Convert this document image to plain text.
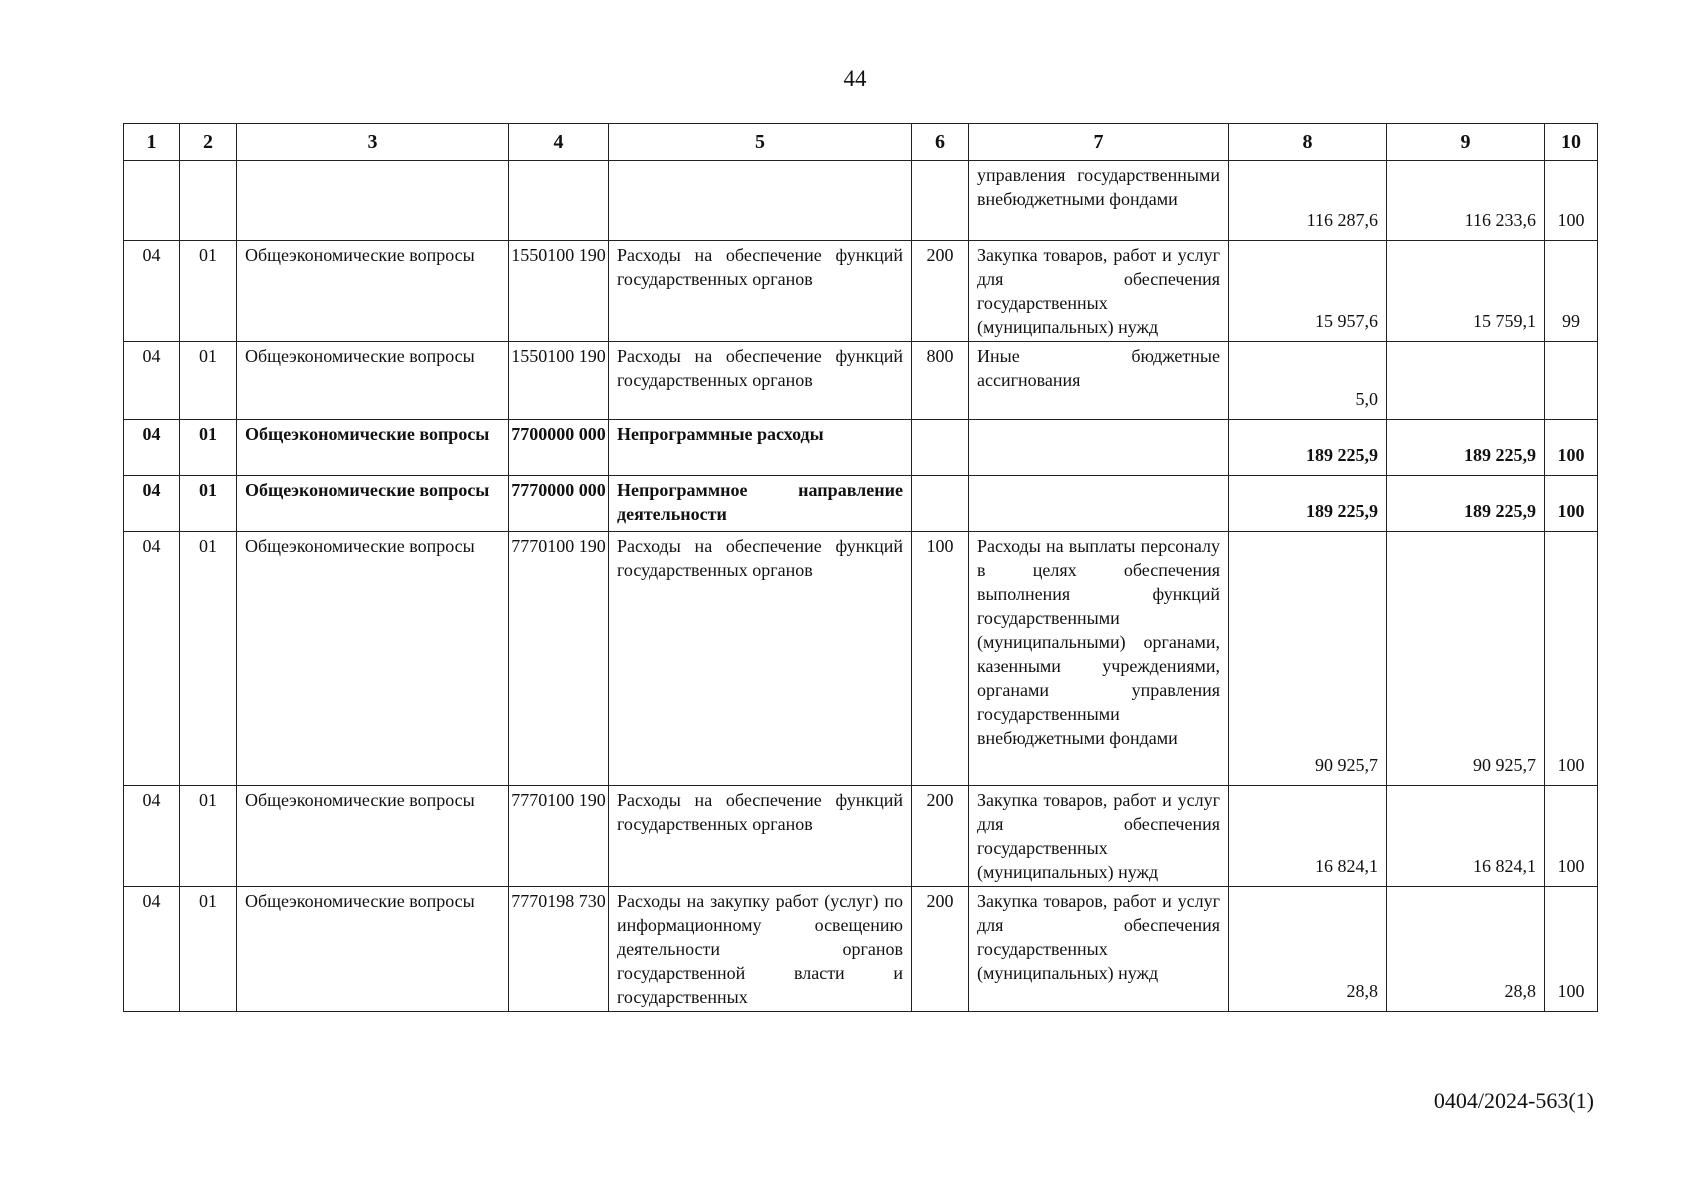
44
1	2	3	4	5	6	7	8	9	10
						управления государственными внебюджетными фондами	116 287,6	116 233,6	100
04	01	Общеэкономические вопросы	1550100 190	Расходы на обеспечение функций государственных органов	200	Закупка товаров, работ и услуг для обеспечения государственных (муниципальных) нужд	15 957,6	15 759,1	99
04	01	Общеэкономические вопросы	1550100 190	Расходы на обеспечение функций государственных органов	800	Иные бюджетные ассигнования	5,0		
04	01	Общеэкономические вопросы	7700000 000	Непрограммные расходы			189 225,9	189 225,9	100
04	01	Общеэкономические вопросы	7770000 000	Непрограммное направление деятельности			189 225,9	189 225,9	100
04	01	Общеэкономические вопросы	7770100 190	Расходы на обеспечение функций государственных органов	100	Расходы на выплаты персоналу в целях обеспечения выполнения функций государственными (муниципальными) органами, казенными учреждениями, органами управления государственными внебюджетными фондами	90 925,7	90 925,7	100
04	01	Общеэкономические вопросы	7770100 190	Расходы на обеспечение функций государственных органов	200	Закупка товаров, работ и услуг для обеспечения государственных (муниципальных) нужд	16 824,1	16 824,1	100
04	01	Общеэкономические вопросы	7770198 730	Расходы на закупку работ (услуг) по информационному освещению деятельности органов государственной власти и государственных	200	Закупка товаров, работ и услуг для обеспечения государственных (муниципальных) нужд	28,8	28,8	100
0404/2024-563(1)
